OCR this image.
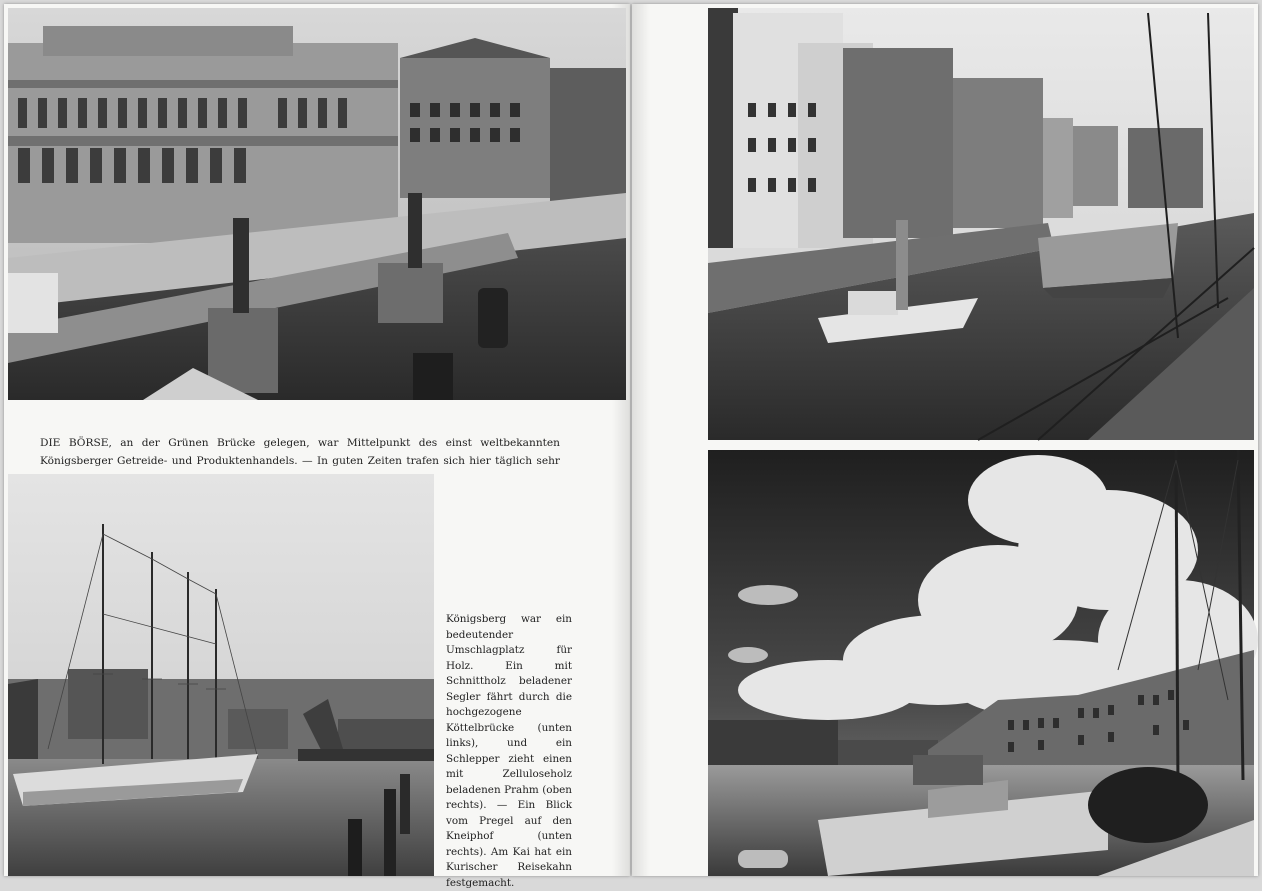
DIE BÖRSE, an der Grünen Brücke gelegen, war Mittelpunkt des einst weltbekannten Königsberger Getreide- und Produktenhandels. — In guten Zeiten trafen sich hier täglich sehr

Königsberg war ein bedeutender Umschlagplatz für Holz. Ein mit Schnittholz beladener Segler fährt durch die hochgezogene Köttelbrücke (unten links), und ein Schlepper zieht einen mit Zelluloseholz beladenen Prahm (oben rechts). — Ein Blick vom Pregel auf den Kneiphof (unten rechts). Am Kai hat ein Kurischer Reisekahn festgemacht.
